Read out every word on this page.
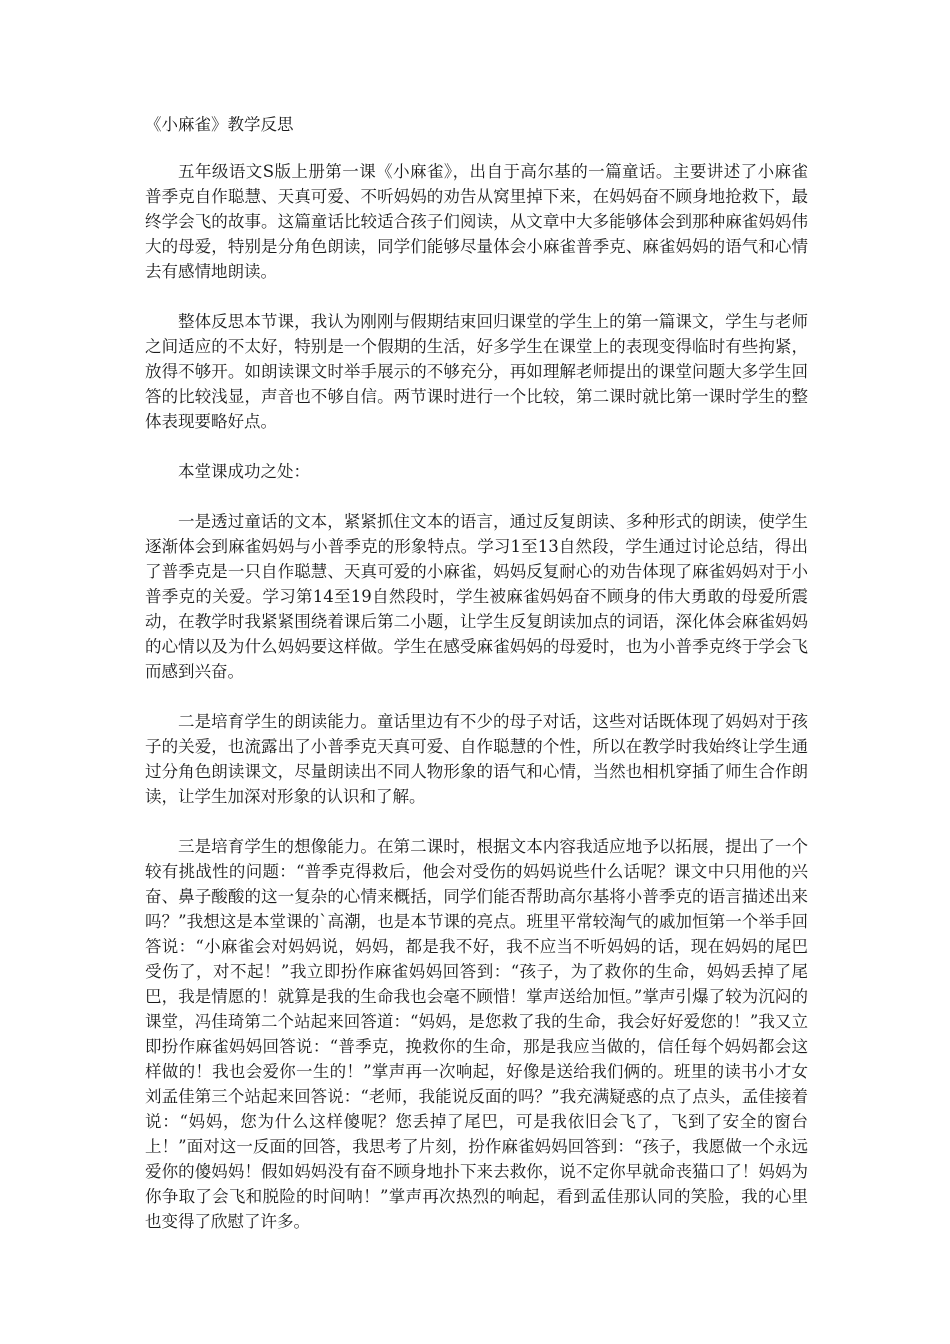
《小麻雀》教学反思

五年级语文S版上册第一课《小麻雀》，出自于高尔基的一篇童话。主要讲述了小麻雀普季克自作聪慧、天真可爱、不听妈妈的劝告从窝里掉下来，在妈妈奋不顾身地抢救下，最终学会飞的故事。这篇童话比较适合孩子们阅读，从文章中大多能够体会到那种麻雀妈妈伟大的母爱，特别是分角色朗读，同学们能够尽量体会小麻雀普季克、麻雀妈妈的语气和心情去有感情地朗读。

整体反思本节课，我认为刚刚与假期结束回归课堂的学生上的第一篇课文，学生与老师之间适应的不太好，特别是一个假期的生活，好多学生在课堂上的表现变得临时有些拘紧，放得不够开。如朗读课文时举手展示的不够充分，再如理解老师提出的课堂问题大多学生回答的比较浅显，声音也不够自信。两节课时进行一个比较，第二课时就比第一课时学生的整体表现要略好点。

本堂课成功之处：

一是透过童话的文本，紧紧抓住文本的语言，通过反复朗读、多种形式的朗读，使学生逐渐体会到麻雀妈妈与小普季克的形象特点。学习1至13自然段，学生通过讨论总结，得出了普季克是一只自作聪慧、天真可爱的小麻雀，妈妈反复耐心的劝告体现了麻雀妈妈对于小普季克的关爱。学习第14至19自然段时，学生被麻雀妈妈奋不顾身的伟大勇敢的母爱所震动，在教学时我紧紧围绕着课后第二小题，让学生反复朗读加点的词语，深化体会麻雀妈妈的心情以及为什么妈妈要这样做。学生在感受麻雀妈妈的母爱时，也为小普季克终于学会飞而感到兴奋。

二是培育学生的朗读能力。童话里边有不少的母子对话，这些对话既体现了妈妈对于孩子的关爱，也流露出了小普季克天真可爱、自作聪慧的个性，所以在教学时我始终让学生通过分角色朗读课文，尽量朗读出不同人物形象的语气和心情，当然也相机穿插了师生合作朗读，让学生加深对形象的认识和了解。

三是培育学生的想像能力。在第二课时，根据文本内容我适应地予以拓展，提出了一个较有挑战性的问题：“普季克得救后，他会对受伤的妈妈说些什么话呢？课文中只用他的兴奋、鼻子酸酸的这一复杂的心情来概括，同学们能否帮助高尔基将小普季克的语言描述出来吗？”我想这是本堂课的`高潮，也是本节课的亮点。班里平常较淘气的戚加恒第一个举手回答说：“小麻雀会对妈妈说，妈妈，都是我不好，我不应当不听妈妈的话，现在妈妈的尾巴受伤了，对不起！”我立即扮作麻雀妈妈回答到：“孩子，为了救你的生命，妈妈丢掉了尾巴，我是情愿的！就算是我的生命我也会毫不顾惜！掌声送给加恒。”掌声引爆了较为沉闷的课堂，冯佳琦第二个站起来回答道：“妈妈，是您救了我的生命，我会好好爱您的！”我又立即扮作麻雀妈妈回答说：“普季克，挽救你的生命，那是我应当做的，信任每个妈妈都会这样做的！我也会爱你一生的！”掌声再一次响起，好像是送给我们俩的。班里的读书小才女刘孟佳第三个站起来回答说：“老师，我能说反面的吗？”我充满疑惑的点了点头，孟佳接着说：“妈妈，您为什么这样傻呢？您丢掉了尾巴，可是我依旧会飞了，飞到了安全的窗台上！”面对这一反面的回答，我思考了片刻，扮作麻雀妈妈回答到：“孩子，我愿做一个永远爱你的傻妈妈！假如妈妈没有奋不顾身地扑下来去救你，说不定你早就命丧猫口了！妈妈为你争取了会飞和脱险的时间呐！”掌声再次热烈的响起，看到孟佳那认同的笑脸，我的心里也变得了欣慰了许多。
